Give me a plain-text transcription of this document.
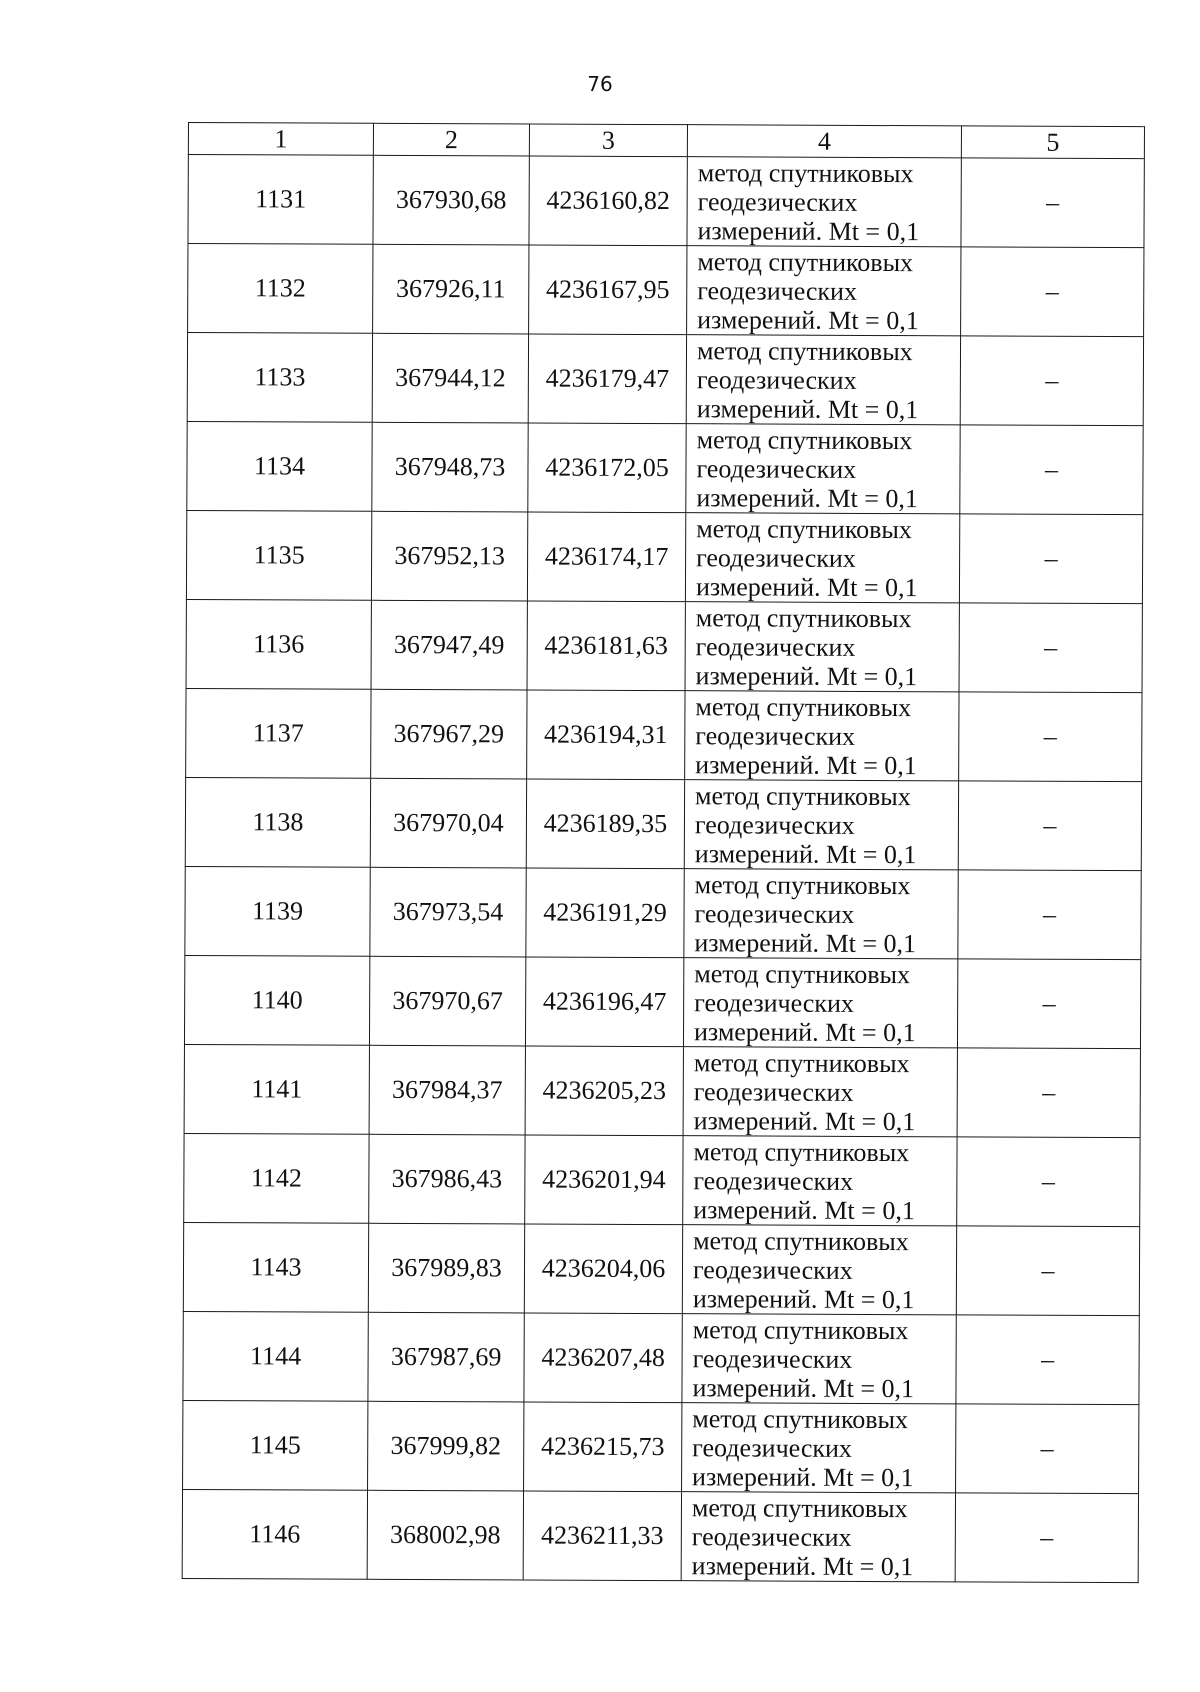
76
1	2	3	4	5
1131	367930,68	4236160,82	метод спутниковых
геодезических
измерений. Mt = 0,1	–
1132	367926,11	4236167,95	метод спутниковых
геодезических
измерений. Mt = 0,1	–
1133	367944,12	4236179,47	метод спутниковых
геодезических
измерений. Mt = 0,1	–
1134	367948,73	4236172,05	метод спутниковых
геодезических
измерений. Mt = 0,1	–
1135	367952,13	4236174,17	метод спутниковых
геодезических
измерений. Mt = 0,1	–
1136	367947,49	4236181,63	метод спутниковых
геодезических
измерений. Mt = 0,1	–
1137	367967,29	4236194,31	метод спутниковых
геодезических
измерений. Mt = 0,1	–
1138	367970,04	4236189,35	метод спутниковых
геодезических
измерений. Mt = 0,1	–
1139	367973,54	4236191,29	метод спутниковых
геодезических
измерений. Mt = 0,1	–
1140	367970,67	4236196,47	метод спутниковых
геодезических
измерений. Mt = 0,1	–
1141	367984,37	4236205,23	метод спутниковых
геодезических
измерений. Mt = 0,1	–
1142	367986,43	4236201,94	метод спутниковых
геодезических
измерений. Mt = 0,1	–
1143	367989,83	4236204,06	метод спутниковых
геодезических
измерений. Mt = 0,1	–
1144	367987,69	4236207,48	метод спутниковых
геодезических
измерений. Mt = 0,1	–
1145	367999,82	4236215,73	метод спутниковых
геодезических
измерений. Mt = 0,1	–
1146	368002,98	4236211,33	метод спутниковых
геодезических
измерений. Mt = 0,1	–
